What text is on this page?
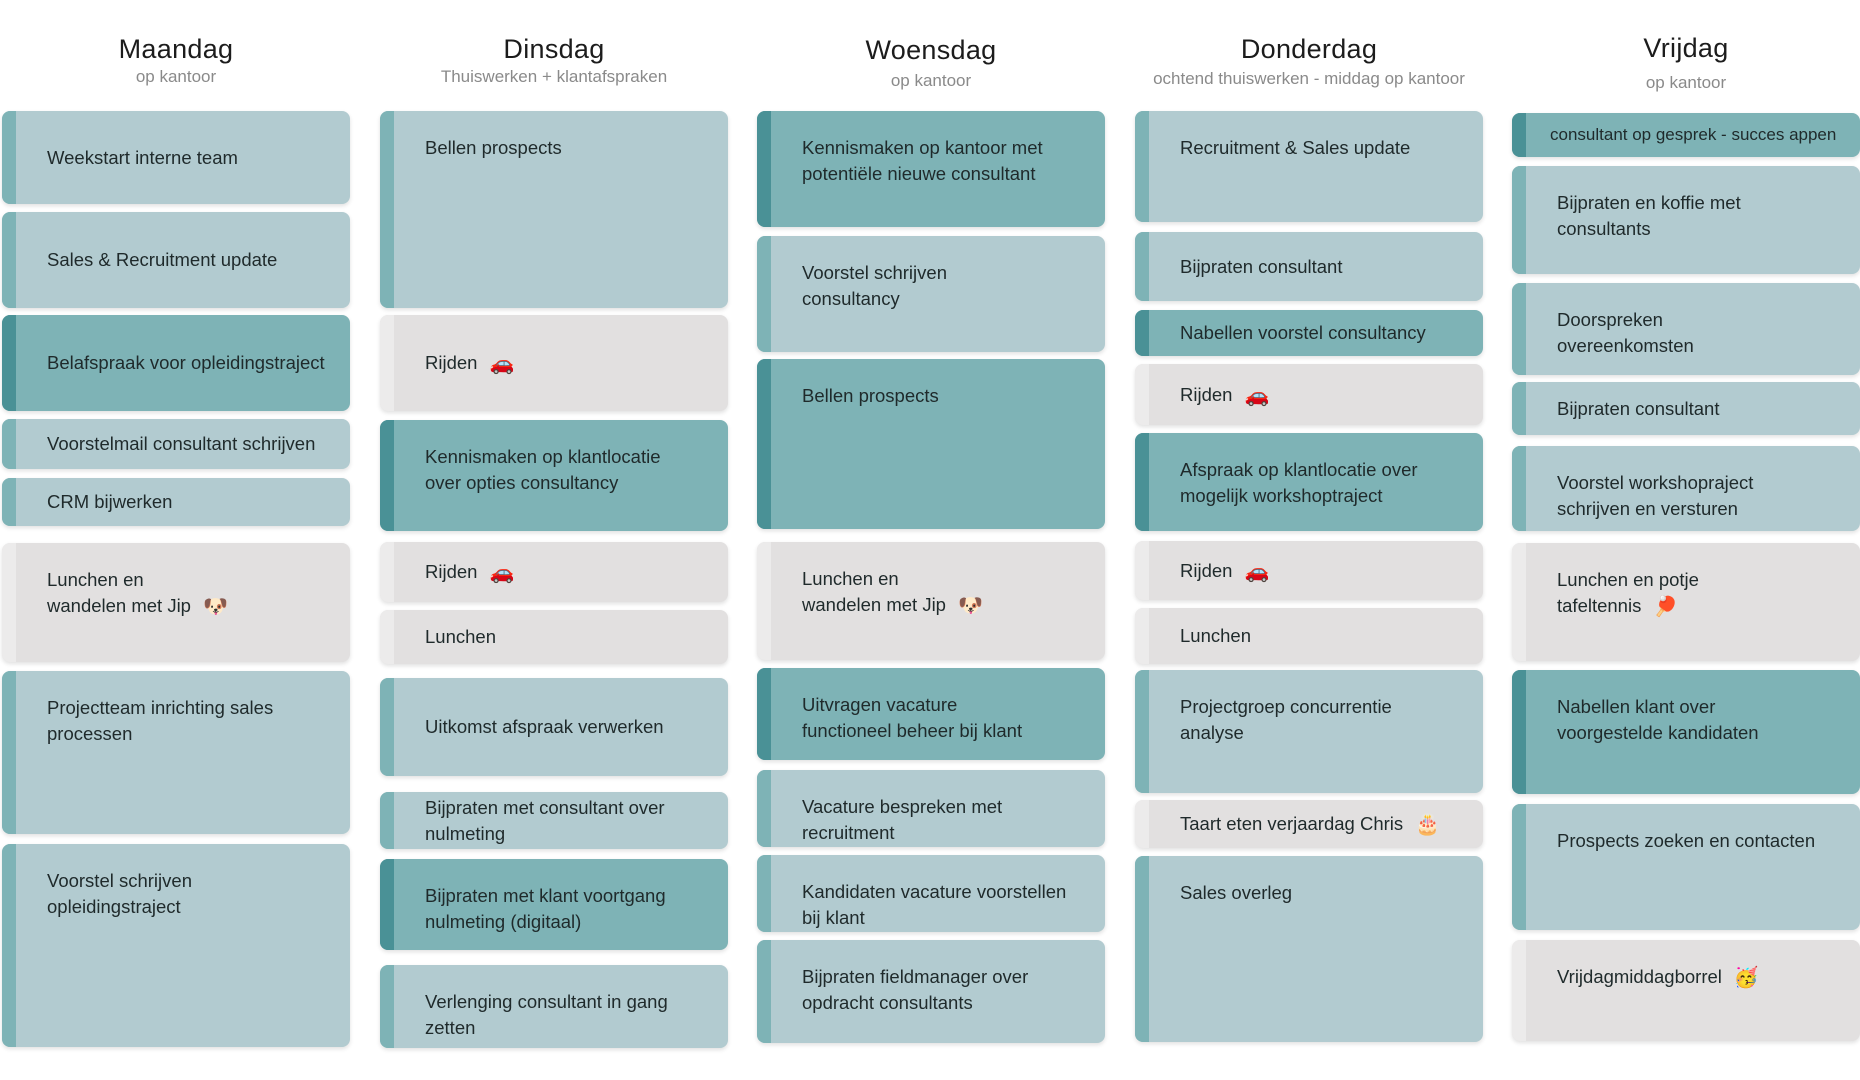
Maandag
op kantoor
Weekstart interne team
Sales & Recruitment update
Belafspraak voor opleidingstraject
Voorstelmail consultant schrijven
CRM bijwerken
Lunchen en
wandelen met Jip 🐶
Projectteam inrichting sales
processen
Voorstel schrijven
opleidingstraject
Dinsdag
Thuiswerken + klantafspraken
Bellen prospects
Rijden 🚗
Kennismaken op klantlocatie
over opties consultancy
Rijden 🚗
Lunchen
Uitkomst afspraak verwerken
Bijpraten met consultant over
nulmeting
Bijpraten met klant voortgang
nulmeting (digitaal)
Verlenging consultant in gang
zetten
Woensdag
op kantoor
Kennismaken op kantoor met
potentiële nieuwe consultant
Voorstel schrijven
consultancy
Bellen prospects
Lunchen en
wandelen met Jip 🐶
Uitvragen vacature
functioneel beheer bij klant
Vacature bespreken met
recruitment
Kandidaten vacature voorstellen
bij klant
Bijpraten fieldmanager over
opdracht consultants
Donderdag
ochtend thuiswerken - middag op kantoor
Recruitment & Sales update
Bijpraten consultant
Nabellen voorstel consultancy
Rijden 🚗
Afspraak op klantlocatie over
mogelijk workshoptraject
Rijden 🚗
Lunchen
Projectgroep concurrentie
analyse
Taart eten verjaardag Chris 🎂
Sales overleg
Vrijdag
op kantoor
consultant op gesprek - succes appen
Bijpraten en koffie met
consultants
Doorspreken
overeenkomsten
Bijpraten consultant
Voorstel workshopraject
schrijven en versturen
Lunchen en potje
tafeltennis 🏓
Nabellen klant over
voorgestelde kandidaten
Prospects zoeken en contacten
Vrijdagmiddagborrel 🥳
